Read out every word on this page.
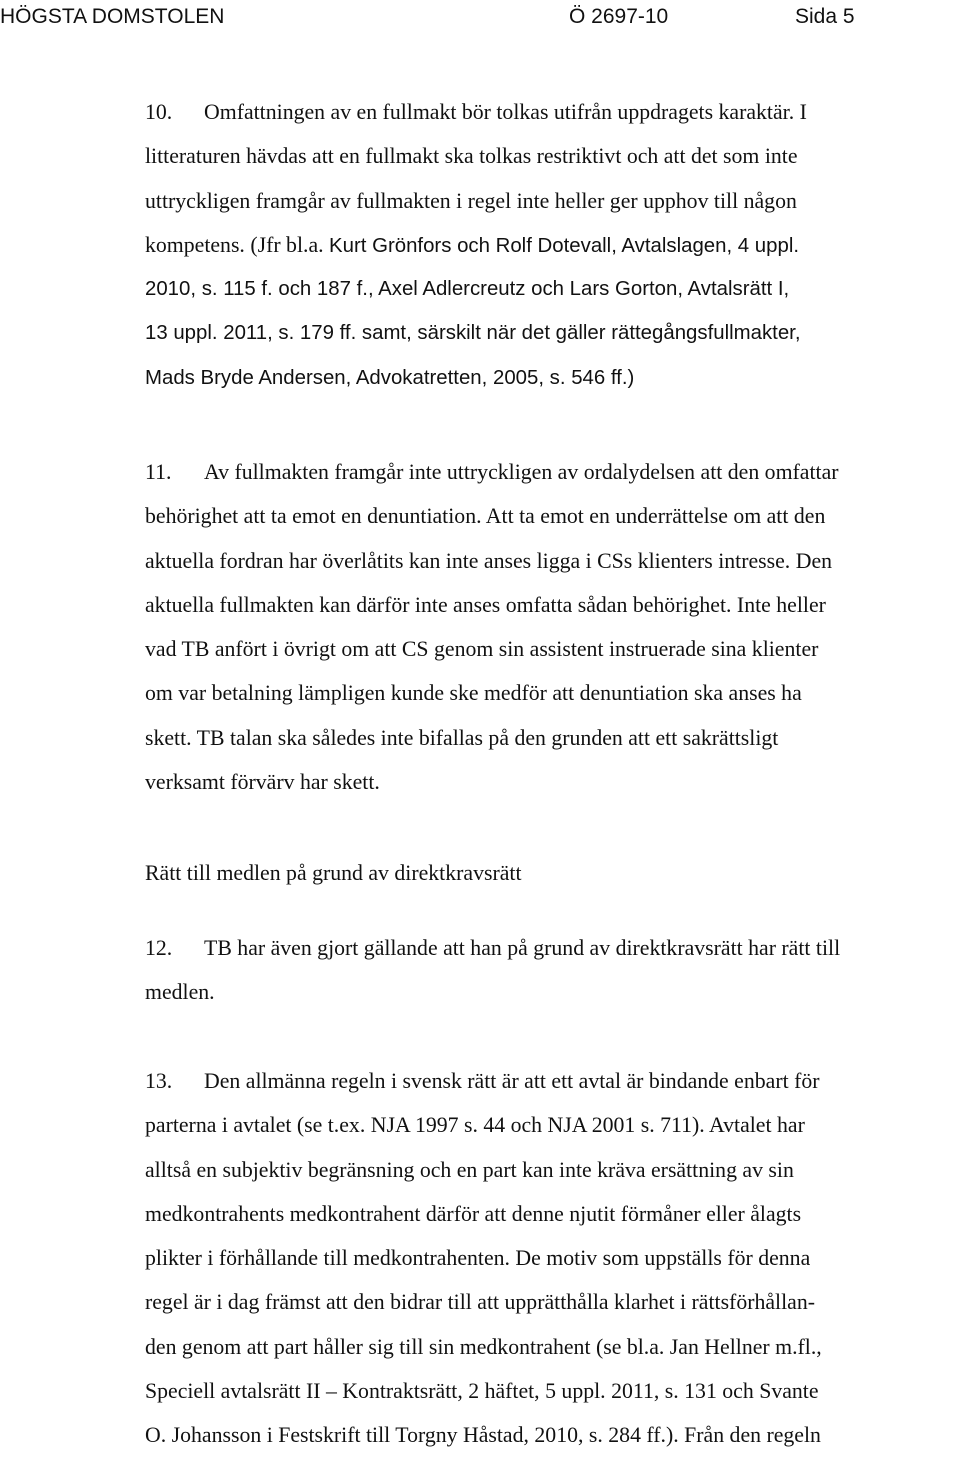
HÖGSTA DOMSTOLEN	Ö 2697-10	Sida 5
10. Omfattningen av en fullmakt bör tolkas utifrån uppdragets karaktär. I
litteraturen hävdas att en fullmakt ska tolkas restriktivt och att det som inte
uttryckligen framgår av fullmakten i regel inte heller ger upphov till någon
kompetens. (Jfr bl.a. Kurt Grönfors och Rolf Dotevall, Avtalslagen, 4 uppl.
2010, s. 115 f. och 187 f., Axel Adlercreutz och Lars Gorton, Avtalsrätt I,
13 uppl. 2011, s. 179 ff. samt, särskilt när det gäller rättegångsfullmakter,
Mads Bryde Andersen, Advokatretten, 2005, s. 546 ff.)
11. Av fullmakten framgår inte uttryckligen av ordalydelsen att den omfattar
behörighet att ta emot en denuntiation. Att ta emot en underrättelse om att den
aktuella fordran har överlåtits kan inte anses ligga i CSs klienters intresse. Den
aktuella fullmakten kan därför inte anses omfatta sådan behörighet. Inte heller
vad TB anfört i övrigt om att CS genom sin assistent instruerade sina klienter
om var betalning lämpligen kunde ske medför att denuntiation ska anses ha
skett. TB talan ska således inte bifallas på den grunden att ett sakrättsligt
verksamt förvärv har skett.
Rätt till medlen på grund av direktkravsrätt
12. TB har även gjort gällande att han på grund av direktkravsrätt har rätt till
medlen.
13. Den allmänna regeln i svensk rätt är att ett avtal är bindande enbart för
parterna i avtalet (se t.ex. NJA 1997 s. 44 och NJA 2001 s. 711). Avtalet har
alltså en subjektiv begränsning och en part kan inte kräva ersättning av sin
medkontrahents medkontrahent därför att denne njutit förmåner eller ålagts
plikter i förhållande till medkontrahenten. De motiv som uppställs för denna
regel är i dag främst att den bidrar till att upprätthålla klarhet i rättsförhållan-
den genom att part håller sig till sin medkontrahent (se bl.a. Jan Hellner m.fl.,
Speciell avtalsrätt II – Kontraktsrätt, 2 häftet, 5 uppl. 2011, s. 131 och Svante
O. Johansson i Festskrift till Torgny Håstad, 2010, s. 284 ff.). Från den regeln
